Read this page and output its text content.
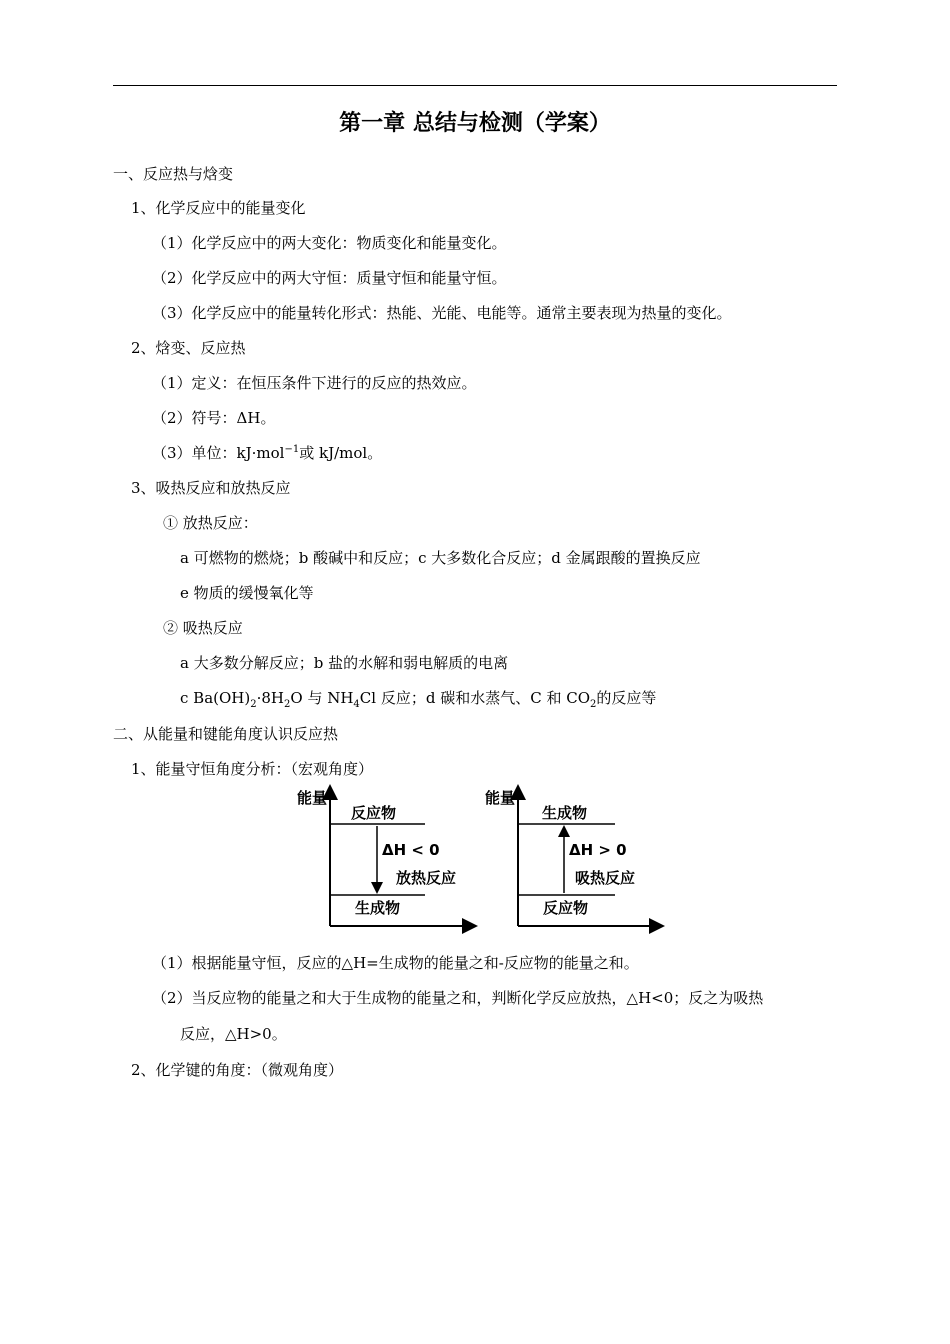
第一章 总结与检测（学案）
一、反应热与焓变
1、化学反应中的能量变化
（1）化学反应中的两大变化：物质变化和能量变化。
（2）化学反应中的两大守恒：质量守恒和能量守恒。
（3）化学反应中的能量转化形式：热能、光能、电能等。通常主要表现为热量的变化。
2、焓变、反应热
（1）定义：在恒压条件下进行的反应的热效应。
（2）符号：ΔH。
（3）单位：kJ·mol$^{-1}$或 kJ/mol。
3、吸热反应和放热反应
① 放热反应：
a 可燃物的燃烧；b 酸碱中和反应；c 大多数化合反应；d 金属跟酸的置换反应
e 物质的缓慢氧化等
② 吸热反应
a 大多数分解反应；b 盐的水解和弱电解质的电离
c $Ba(OH)_2\cdot 8H_2O$ 与 $NH_4Cl$ 反应；d 碳和水蒸气、C 和 $CO_2$的反应等
二、从能量和键能角度认识反应热
1、能量守恒角度分析：（宏观角度）
能量
反应物
ΔH < 0
放热反应
生成物
能量
生成物
ΔH > 0
吸热反应
反应物
（1）根据能量守恒，反应的△H=生成物的能量之和-反应物的能量之和。
（2）当反应物的能量之和大于生成物的能量之和，判断化学反应放热，△H<0；反之为吸热
反应，△H>0。
2、化学键的角度：（微观角度）
